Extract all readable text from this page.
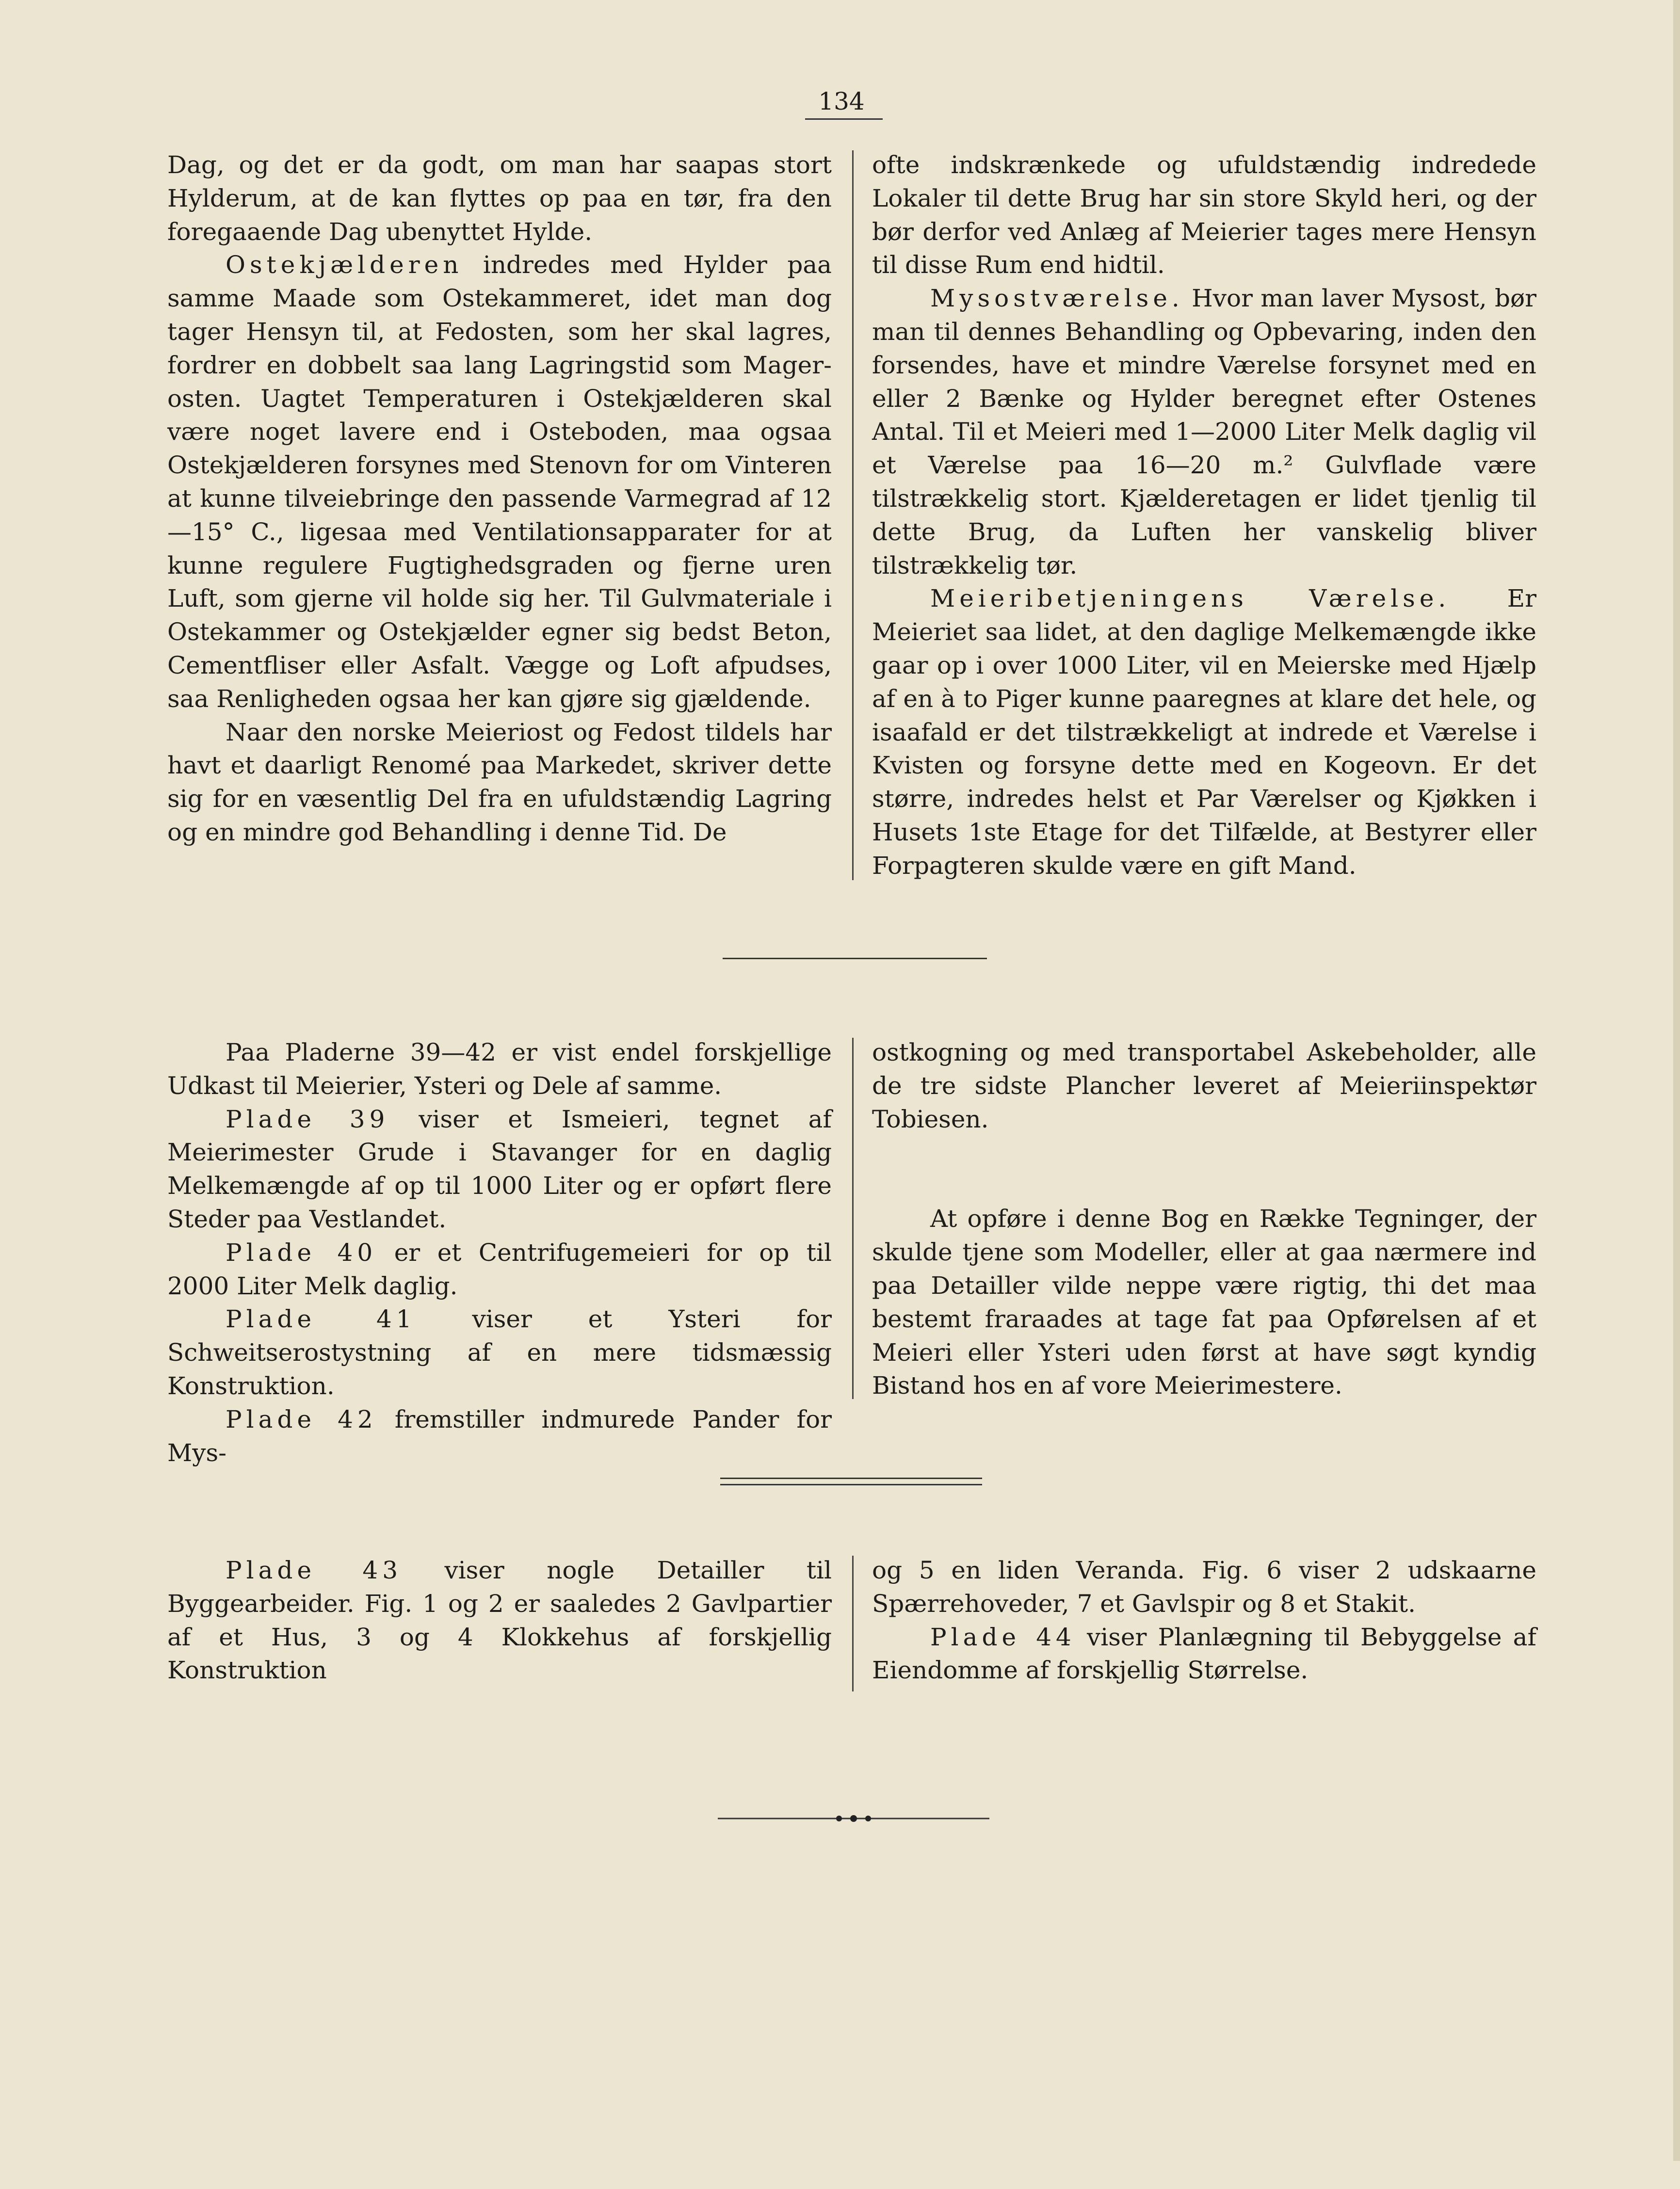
134

Dag, og det er da godt, om man har saapas stort Hylderum, at de kan flyttes op paa en tør, fra den foregaaende Dag ubenyttet Hylde.

Ostekjælderen indredes med Hylder paa samme Maade som Ostekammeret, idet man dog tager Hensyn til, at Fedosten, som her skal lagres, fordrer en dobbelt saa lang Lagringstid som Magerosten. Uagtet Temperaturen i Ostekjælderen skal være noget lavere end i Osteboden, maa ogsaa Ostekjælderen forsynes med Stenovn for om Vinteren at kunne tilveiebringe den passende Varmegrad af 12—15° C., ligesaa med Ventilationsapparater for at kunne regulere Fugtighedsgraden og fjerne uren Luft, som gjerne vil holde sig her. Til Gulvmateriale i Ostekammer og Ostekjælder egner sig bedst Beton, Cementfliser eller Asfalt. Vægge og Loft afpudses, saa Renligheden ogsaa her kan gjøre sig gjældende.

Naar den norske Meieriost og Fedost tildels har havt et daarligt Renomé paa Markedet, skriver dette sig for en væsentlig Del fra en ufuldstændig Lagring og en mindre god Behandling i denne Tid. De

ofte indskrænkede og ufuldstændig indredede Lokaler til dette Brug har sin store Skyld heri, og der bør derfor ved Anlæg af Meierier tages mere Hensyn til disse Rum end hidtil.

Mysostværelse. Hvor man laver Mysost, bør man til dennes Behandling og Opbevaring, inden den forsendes, have et mindre Værelse forsynet med en eller 2 Bænke og Hylder beregnet efter Ostenes Antal. Til et Meieri med 1—2000 Liter Melk daglig vil et Værelse paa 16—20 m.² Gulvflade være tilstrækkelig stort. Kjælderetagen er lidet tjenlig til dette Brug, da Luften her vanskelig bliver tilstrækkelig tør.

Meieribetjeningens Værelse. Er Meieriet saa lidet, at den daglige Melkemængde ikke gaar op i over 1000 Liter, vil en Meierske med Hjælp af en à to Piger kunne paaregnes at klare det hele, og isaafald er det tilstrækkeligt at indrede et Værelse i Kvisten og forsyne dette med en Kogeovn. Er det større, indredes helst et Par Værelser og Kjøkken i Husets 1ste Etage for det Tilfælde, at Bestyrer eller Forpagteren skulde være en gift Mand.

Paa Pladerne 39—42 er vist endel forskjellige Udkast til Meierier, Ysteri og Dele af samme.

Plade 39 viser et Ismeieri, tegnet af Meierimester Grude i Stavanger for en daglig Melkemængde af op til 1000 Liter og er opført flere Steder paa Vestlandet.

Plade 40 er et Centrifugemeieri for op til 2000 Liter Melk daglig.

Plade 41 viser et Ysteri for Schweitserostystning af en mere tidsmæssig Konstruktion.

Plade 42 fremstiller indmurede Pander for Mys-

ostkogning og med transportabel Askebeholder, alle de tre sidste Plancher leveret af Meieriinspektør Tobiesen.

At opføre i denne Bog en Række Tegninger, der skulde tjene som Modeller, eller at gaa nærmere ind paa Detailler vilde neppe være rigtig, thi det maa bestemt fraraades at tage fat paa Opførelsen af et Meieri eller Ysteri uden først at have søgt kyndig Bistand hos en af vore Meierimestere.

Plade 43 viser nogle Detailler til Byggearbeider. Fig. 1 og 2 er saaledes 2 Gavlpartier af et Hus, 3 og 4 Klokkehus af forskjellig Konstruktion

og 5 en liden Veranda. Fig. 6 viser 2 udskaarne Spærrehoveder, 7 et Gavlspir og 8 et Stakit.

Plade 44 viser Planlægning til Bebyggelse af Eiendomme af forskjellig Størrelse.
